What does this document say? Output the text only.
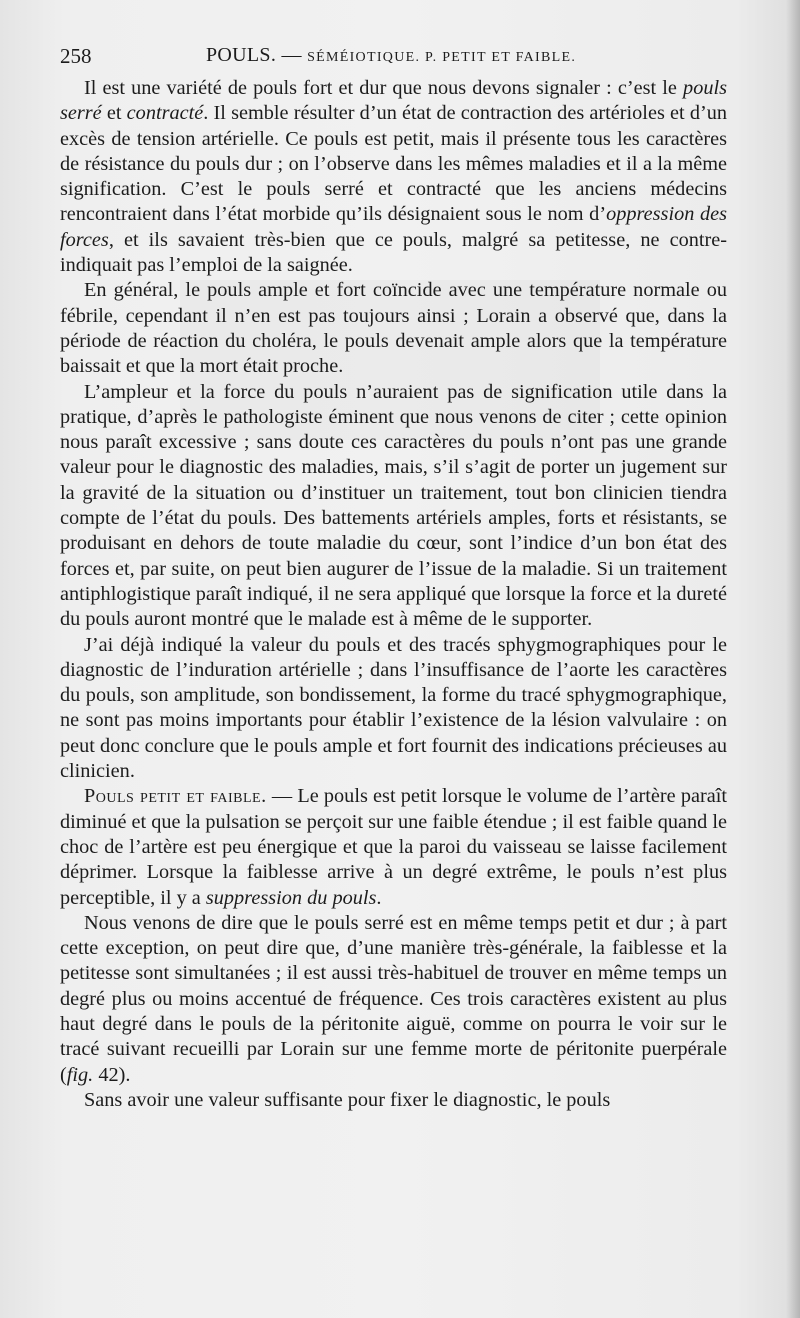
258	POULS. — SÉMÉIOTIQUE. P. PETIT ET FAIBLE.

Il est une variété de pouls fort et dur que nous devons signaler : c’est le pouls serré et contracté. Il semble résulter d’un état de contraction des artérioles et d’un excès de tension artérielle. Ce pouls est petit, mais il présente tous les caractères de résistance du pouls dur ; on l’observe dans les mêmes maladies et il a la même signification. C’est le pouls serré et contracté que les anciens médecins rencontraient dans l’état morbide qu’ils désignaient sous le nom d’oppression des forces, et ils savaient très-bien que ce pouls, malgré sa petitesse, ne contre-indiquait pas l’emploi de la saignée.

En général, le pouls ample et fort coïncide avec une température normale ou fébrile, cependant il n’en est pas toujours ainsi ; Lorain a observé que, dans la période de réaction du choléra, le pouls devenait ample alors que la température baissait et que la mort était proche.

L’ampleur et la force du pouls n’auraient pas de signification utile dans la pratique, d’après le pathologiste éminent que nous venons de citer ; cette opinion nous paraît excessive ; sans doute ces caractères du pouls n’ont pas une grande valeur pour le diagnostic des maladies, mais, s’il s’agit de porter un jugement sur la gravité de la situation ou d’instituer un traitement, tout bon clinicien tiendra compte de l’état du pouls. Des battements artériels amples, forts et résistants, se produisant en dehors de toute maladie du cœur, sont l’indice d’un bon état des forces et, par suite, on peut bien augurer de l’issue de la maladie. Si un traitement antiphlogistique paraît indiqué, il ne sera appliqué que lorsque la force et la dureté du pouls auront montré que le malade est à même de le supporter.

J’ai déjà indiqué la valeur du pouls et des tracés sphygmographiques pour le diagnostic de l’induration artérielle ; dans l’insuffisance de l’aorte les caractères du pouls, son amplitude, son bondissement, la forme du tracé sphygmographique, ne sont pas moins importants pour établir l’existence de la lésion valvulaire : on peut donc conclure que le pouls ample et fort fournit des indications précieuses au clinicien.

Pouls petit et faible. — Le pouls est petit lorsque le volume de l’artère paraît diminué et que la pulsation se perçoit sur une faible étendue ; il est faible quand le choc de l’artère est peu énergique et que la paroi du vaisseau se laisse facilement déprimer. Lorsque la faiblesse arrive à un degré extrême, le pouls n’est plus perceptible, il y a suppression du pouls.

Nous venons de dire que le pouls serré est en même temps petit et dur ; à part cette exception, on peut dire que, d’une manière très-générale, la faiblesse et la petitesse sont simultanées ; il est aussi très-habituel de trouver en même temps un degré plus ou moins accentué de fréquence. Ces trois caractères existent au plus haut degré dans le pouls de la péritonite aiguë, comme on pourra le voir sur le tracé suivant recueilli par Lorain sur une femme morte de péritonite puerpérale (fig. 42).

Sans avoir une valeur suffisante pour fixer le diagnostic, le pouls
